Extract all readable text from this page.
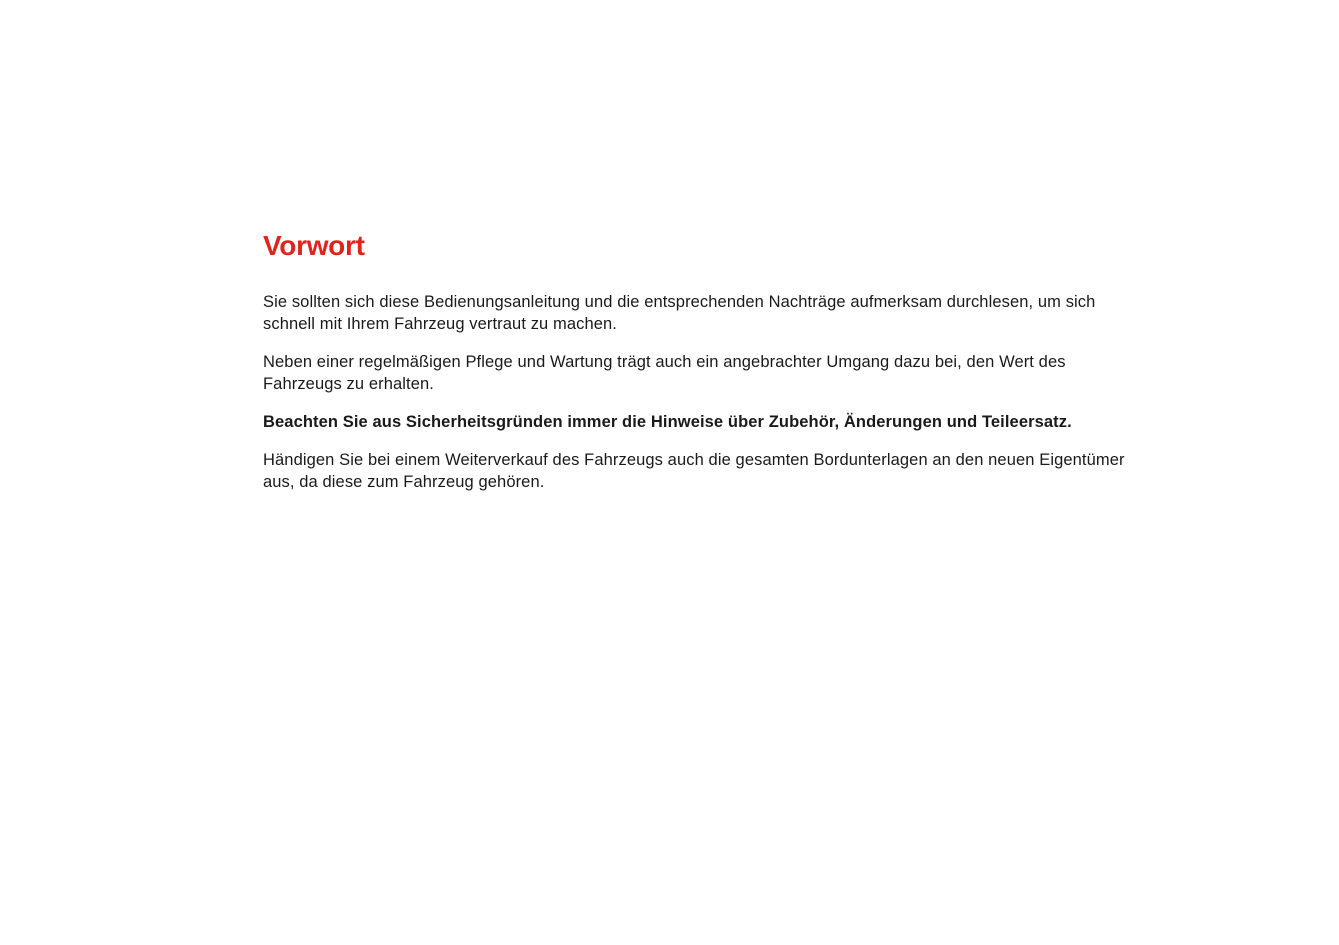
Vorwort

Sie sollten sich diese Bedienungsanleitung und die entsprechenden Nachträge aufmerksam durchlesen, um sich schnell mit Ihrem Fahrzeug vertraut zu machen.

Neben einer regelmäßigen Pflege und Wartung trägt auch ein angebrachter Umgang dazu bei, den Wert des Fahrzeugs zu erhalten.

Beachten Sie aus Sicherheitsgründen immer die Hinweise über Zubehör, Änderungen und Teileersatz.

Händigen Sie bei einem Weiterverkauf des Fahrzeugs auch die gesamten Bordunterlagen an den neuen Eigentümer aus, da diese zum Fahrzeug gehören.
